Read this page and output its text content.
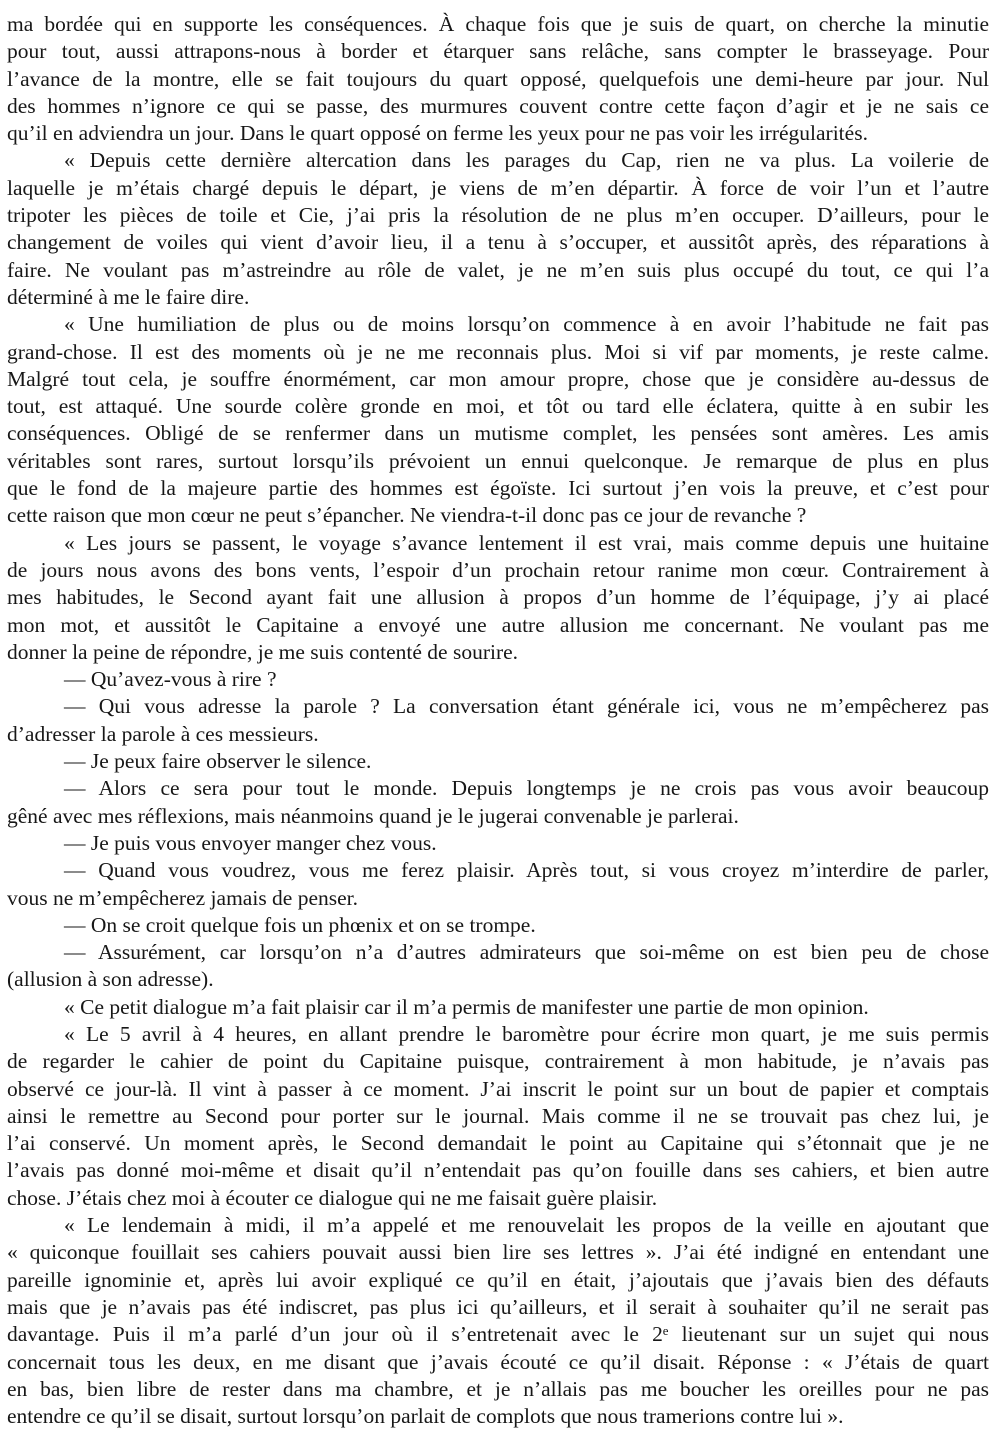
ma bordée qui en supporte les conséquences. À chaque fois que je suis de quart, on cherche la minutie
pour tout, aussi attrapons-nous à border et étarquer sans relâche, sans compter le brasseyage. Pour
l’avance de la montre, elle se fait toujours du quart opposé, quelquefois une demi-heure par jour. Nul
des hommes n’ignore ce qui se passe, des murmures couvent contre cette façon d’agir et je ne sais ce
qu’il en adviendra un jour. Dans le quart opposé on ferme les yeux pour ne pas voir les irrégularités.

« Depuis cette dernière altercation dans les parages du Cap, rien ne va plus. La voilerie de
laquelle je m’étais chargé depuis le départ, je viens de m’en départir. À force de voir l’un et l’autre
tripoter les pièces de toile et Cie, j’ai pris la résolution de ne plus m’en occuper. D’ailleurs, pour le
changement de voiles qui vient d’avoir lieu, il a tenu à s’occuper, et aussitôt après, des réparations à
faire. Ne voulant pas m’astreindre au rôle de valet, je ne m’en suis plus occupé du tout, ce qui l’a
déterminé à me le faire dire.

« Une humiliation de plus ou de moins lorsqu’on commence à en avoir l’habitude ne fait pas
grand-chose. Il est des moments où je ne me reconnais plus. Moi si vif par moments, je reste calme.
Malgré tout cela, je souffre énormément, car mon amour propre, chose que je considère au-dessus de
tout, est attaqué. Une sourde colère gronde en moi, et tôt ou tard elle éclatera, quitte à en subir les
conséquences. Obligé de se renfermer dans un mutisme complet, les pensées sont amères. Les amis
véritables sont rares, surtout lorsqu’ils prévoient un ennui quelconque. Je remarque de plus en plus
que le fond de la majeure partie des hommes est égoïste. Ici surtout j’en vois la preuve, et c’est pour
cette raison que mon cœur ne peut s’épancher. Ne viendra-t-il donc pas ce jour de revanche ?

« Les jours se passent, le voyage s’avance lentement il est vrai, mais comme depuis une huitaine
de jours nous avons des bons vents, l’espoir d’un prochain retour ranime mon cœur. Contrairement à
mes habitudes, le Second ayant fait une allusion à propos d’un homme de l’équipage, j’y ai placé
mon mot, et aussitôt le Capitaine a envoyé une autre allusion me concernant. Ne voulant pas me
donner la peine de répondre, je me suis contenté de sourire.

— Qu’avez-vous à rire ?

— Qui vous adresse la parole ? La conversation étant générale ici, vous ne m’empêcherez pas
d’adresser la parole à ces messieurs.

— Je peux faire observer le silence.

— Alors ce sera pour tout le monde. Depuis longtemps je ne crois pas vous avoir beaucoup
gêné avec mes réflexions, mais néanmoins quand je le jugerai convenable je parlerai.

— Je puis vous envoyer manger chez vous.

— Quand vous voudrez, vous me ferez plaisir. Après tout, si vous croyez m’interdire de parler,
vous ne m’empêcherez jamais de penser.

— On se croit quelque fois un phœnix et on se trompe.

— Assurément, car lorsqu’on n’a d’autres admirateurs que soi-même on est bien peu de chose
(allusion à son adresse).

« Ce petit dialogue m’a fait plaisir car il m’a permis de manifester une partie de mon opinion.

« Le 5 avril à 4 heures, en allant prendre le baromètre pour écrire mon quart, je me suis permis
de regarder le cahier de point du Capitaine puisque, contrairement à mon habitude, je n’avais pas
observé ce jour-là. Il vint à passer à ce moment. J’ai inscrit le point sur un bout de papier et comptais
ainsi le remettre au Second pour porter sur le journal. Mais comme il ne se trouvait pas chez lui, je
l’ai conservé. Un moment après, le Second demandait le point au Capitaine qui s’étonnait que je ne
l’avais pas donné moi-même et disait qu’il n’entendait pas qu’on fouille dans ses cahiers, et bien autre
chose. J’étais chez moi à écouter ce dialogue qui ne me faisait guère plaisir.

« Le lendemain à midi, il m’a appelé et me renouvelait les propos de la veille en ajoutant que
« quiconque fouillait ses cahiers pouvait aussi bien lire ses lettres ». J’ai été indigné en entendant une
pareille ignominie et, après lui avoir expliqué ce qu’il en était, j’ajoutais que j’avais bien des défauts
mais que je n’avais pas été indiscret, pas plus ici qu’ailleurs, et il serait à souhaiter qu’il ne serait pas
davantage. Puis il m’a parlé d’un jour où il s’entretenait avec le 2ᵉ lieutenant sur un sujet qui nous
concernait tous les deux, en me disant que j’avais écouté ce qu’il disait. Réponse : « J’étais de quart
en bas, bien libre de rester dans ma chambre, et je n’allais pas me boucher les oreilles pour ne pas
entendre ce qu’il se disait, surtout lorsqu’on parlait de complots que nous tramerions contre lui ».
